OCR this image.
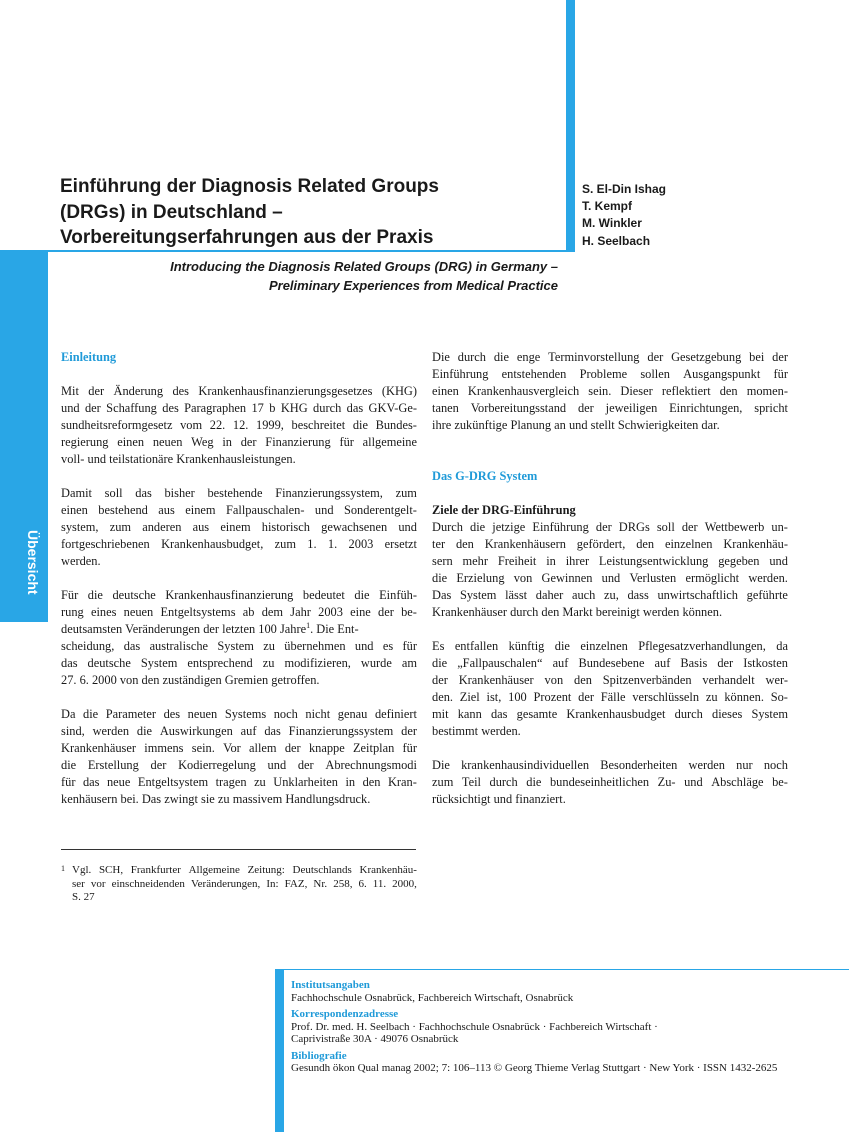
Übersicht
106
Einführung der Diagnosis Related Groups
(DRGs) in Deutschland –
Vorbereitungserfahrungen aus der Praxis
S. El-Din Ishag
T. Kempf
M. Winkler
H. Seelbach
Introducing the Diagnosis Related Groups (DRG) in Germany –
Preliminary Experiences from Medical Practice
Einleitung
Mit der Änderung des Krankenhausfinanzierungsgesetzes (KHG)
und der Schaffung des Paragraphen 17 b KHG durch das GKV-Ge-
sundheitsreformgesetz vom 22. 12. 1999, beschreitet die Bundes-
regierung einen neuen Weg in der Finanzierung für allgemeine
voll- und teilstationäre Krankenhausleistungen.
Damit soll das bisher bestehende Finanzierungssystem, zum
einen bestehend aus einem Fallpauschalen- und Sonderentgelt-
system, zum anderen aus einem historisch gewachsenen und
fortgeschriebenen Krankenhausbudget, zum 1. 1. 2003 ersetzt
werden.
Für die deutsche Krankenhausfinanzierung bedeutet die Einfüh-
rung eines neuen Entgeltsystems ab dem Jahr 2003 eine der be-
deutsamsten Veränderungen der letzten 100 Jahre$^1$. Die Ent-
scheidung, das australische System zu übernehmen und es für
das deutsche System entsprechend zu modifizieren, wurde am
27. 6. 2000 von den zuständigen Gremien getroffen.
Da die Parameter des neuen Systems noch nicht genau definiert
sind, werden die Auswirkungen auf das Finanzierungssystem der
Krankenhäuser immens sein. Vor allem der knappe Zeitplan für
die Erstellung der Kodierregelung und der Abrechnungsmodi
für das neue Entgeltsystem tragen zu Unklarheiten in den Kran-
kenhäusern bei. Das zwingt sie zu massivem Handlungsdruck.
Die durch die enge Terminvorstellung der Gesetzgebung bei der
Einführung entstehenden Probleme sollen Ausgangspunkt für
einen Krankenhausvergleich sein. Dieser reflektiert den momen-
tanen Vorbereitungsstand der jeweiligen Einrichtungen, spricht
ihre zukünftige Planung an und stellt Schwierigkeiten dar.
Das G-DRG System
Ziele der DRG-Einführung
Durch die jetzige Einführung der DRGs soll der Wettbewerb un-
ter den Krankenhäusern gefördert, den einzelnen Krankenhäu-
sern mehr Freiheit in ihrer Leistungsentwicklung gegeben und
die Erzielung von Gewinnen und Verlusten ermöglicht werden.
Das System lässt daher auch zu, dass unwirtschaftlich geführte
Krankenhäuser durch den Markt bereinigt werden können.
Es entfallen künftig die einzelnen Pflegesatzverhandlungen, da
die „Fallpauschalen“ auf Bundesebene auf Basis der Istkosten
der Krankenhäuser von den Spitzenverbänden verhandelt wer-
den. Ziel ist, 100 Prozent der Fälle verschlüsseln zu können. So-
mit kann das gesamte Krankenhausbudget durch dieses System
bestimmt werden.
Die krankenhausindividuellen Besonderheiten werden nur noch
zum Teil durch die bundeseinheitlichen Zu- und Abschläge be-
rücksichtigt und finanziert.
1 Vgl. SCH, Frankfurter Allgemeine Zeitung: Deutschlands Krankenhäu-
ser vor einschneidenden Veränderungen, In: FAZ, Nr. 258, 6. 11. 2000,
S. 27
Institutsangaben
Fachhochschule Osnabrück, Fachbereich Wirtschaft, Osnabrück
Korrespondenzadresse
Prof. Dr. med. H. Seelbach · Fachhochschule Osnabrück · Fachbereich Wirtschaft ·
Caprivistraße 30A · 49076 Osnabrück
Bibliografie
Gesundh ökon Qual manag 2002; 7: 106–113 © Georg Thieme Verlag Stuttgart · New York · ISSN 1432-2625
